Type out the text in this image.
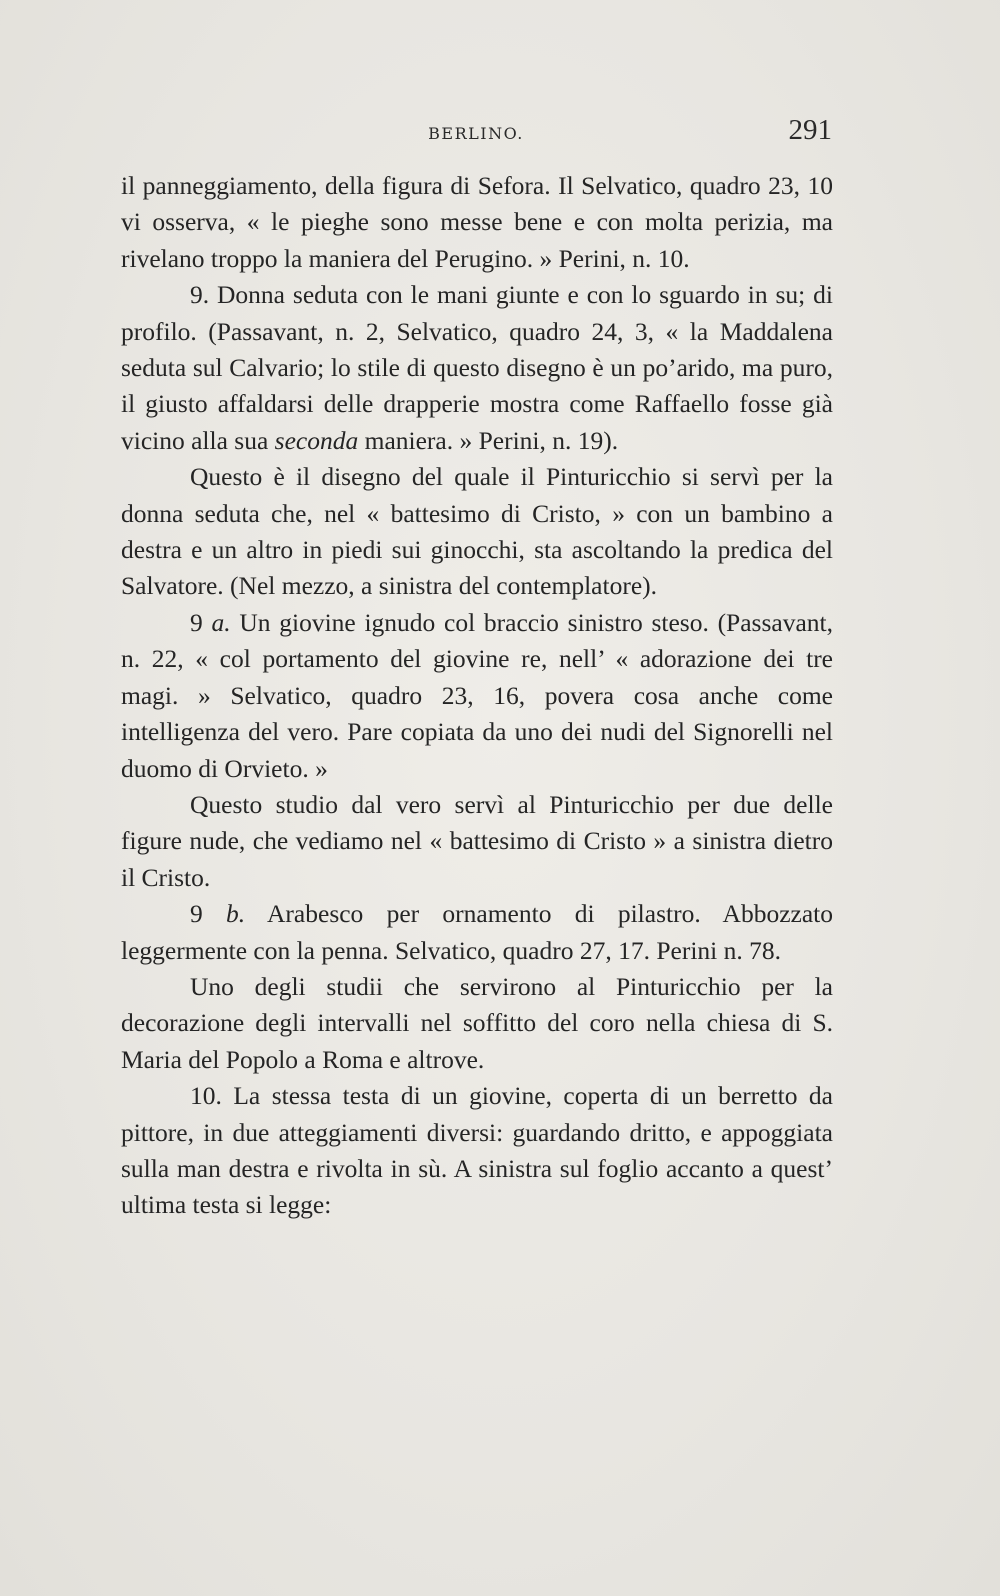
BERLINO.	291

il panneggiamento, della figura di Sefora. Il Selvatico, quadro 23, 10 vi osserva, « le pieghe sono messe bene e con molta perizia, ma rivelano troppo la maniera del Perugino. » Perini, n. 10.

9. Donna seduta con le mani giunte e con lo sguardo in su; di profilo. (Passavant, n. 2, Selvatico, quadro 24, 3, « la Maddalena seduta sul Calvario; lo stile di questo disegno è un po’arido, ma puro, il giusto affaldarsi delle drapperie mostra come Raffaello fosse già vicino alla sua seconda maniera. » Perini, n. 19).

Questo è il disegno del quale il Pinturicchio si servì per la donna seduta che, nel « battesimo di Cristo, » con un bambino a destra e un altro in piedi sui ginocchi, sta ascoltando la predica del Salvatore. (Nel mezzo, a sinistra del contemplatore).

9 a. Un giovine ignudo col braccio sinistro steso. (Passavant, n. 22, « col portamento del giovine re, nell’ « adorazione dei tre magi. » Selvatico, quadro 23, 16, povera cosa anche come intelligenza del vero. Pare copiata da uno dei nudi del Signorelli nel duomo di Orvieto. »

Questo studio dal vero servì al Pinturicchio per due delle figure nude, che vediamo nel « battesimo di Cristo » a sinistra dietro il Cristo.

9 b. Arabesco per ornamento di pilastro. Abbozzato leggermente con la penna. Selvatico, quadro 27, 17. Perini n. 78.

Uno degli studii che servirono al Pinturicchio per la decorazione degli intervalli nel soffitto del coro nella chiesa di S. Maria del Popolo a Roma e altrove.

10. La stessa testa di un giovine, coperta di un berretto da pittore, in due atteggiamenti diversi: guardando dritto, e appoggiata sulla man destra e rivolta in sù. A sinistra sul foglio accanto a quest’ ultima testa si legge:
